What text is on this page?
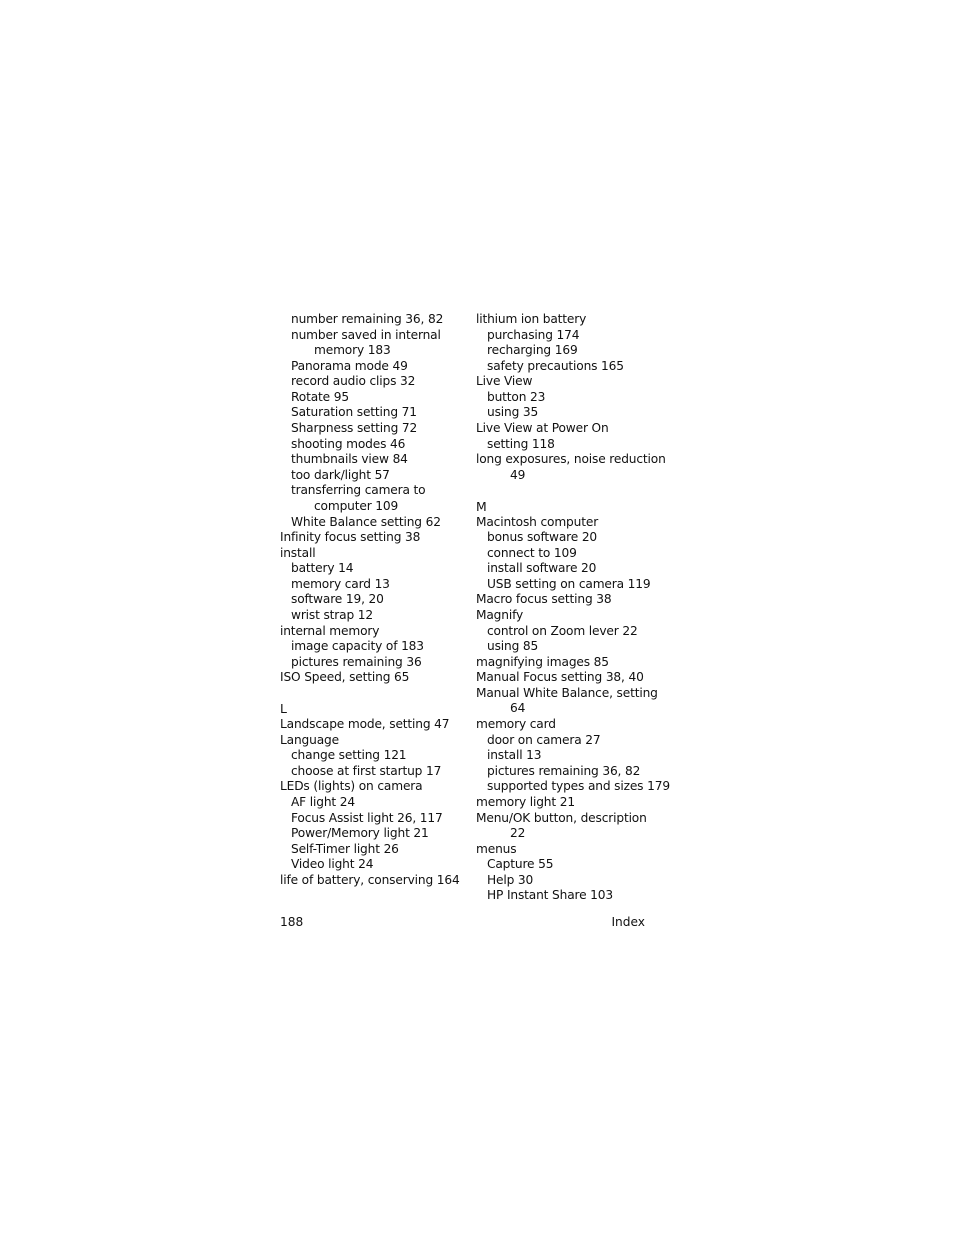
number remaining 36, 82
number saved in internal
memory 183
Panorama mode 49
record audio clips 32
Rotate 95
Saturation setting 71
Sharpness setting 72
shooting modes 46
thumbnails view 84
too dark/light 57
transferring camera to
computer 109
White Balance setting 62
Infinity focus setting 38
install
battery 14
memory card 13
software 19, 20
wrist strap 12
internal memory
image capacity of 183
pictures remaining 36
ISO Speed, setting 65
L
Landscape mode, setting 47
Language
change setting 121
choose at first startup 17
LEDs (lights) on camera
AF light 24
Focus Assist light 26, 117
Power/Memory light 21
Self-Timer light 26
Video light 24
life of battery, conserving 164
lithium ion battery
purchasing 174
recharging 169
safety precautions 165
Live View
button 23
using 35
Live View at Power On
setting 118
long exposures, noise reduction
49
M
Macintosh computer
bonus software 20
connect to 109
install software 20
USB setting on camera 119
Macro focus setting 38
Magnify
control on Zoom lever 22
using 85
magnifying images 85
Manual Focus setting 38, 40
Manual White Balance, setting
64
memory card
door on camera 27
install 13
pictures remaining 36, 82
supported types and sizes 179
memory light 21
Menu/OK button, description
22
menus
Capture 55
Help 30
HP Instant Share 103
188	Index
